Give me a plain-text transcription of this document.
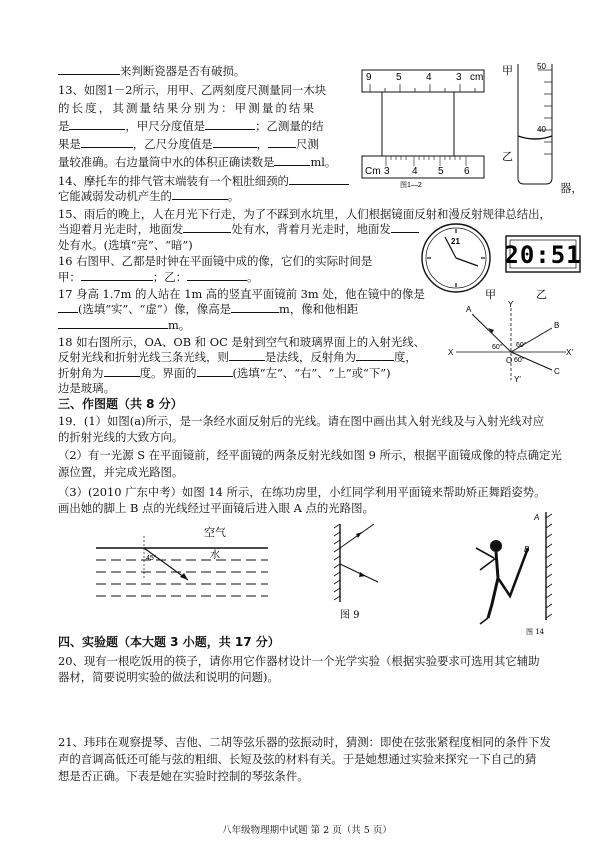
来判断瓷器是否有破损。
13、如图1－2所示，用甲、乙两刻度尺测量同一木块
的长度，其测量结果分别为：甲测量的结果
是	，甲尺分度值是	；乙测量的结
果是	，乙尺分度值是	， 尺测
量较准确。右边量筒中水的体积正确读数是	ml。
14、摩托车的排气管末端装有一个粗肚细颈的
它能减弱发动机产生的	。
15、雨后的晚上，人在月光下行走，为了不踩到水坑里，人们根据镜面反射和漫反射规律总结出，
当迎着月光走时，地面发	处有水，背着月光走时，地面发
处有水。(选填“亮”、“暗”)
16 右图甲、乙都是时钟在平面镜中成的像，它们的实际时间是
甲：	；乙：	。
17 身高 1.7m 的人站在 1m 高的竖直平面镜前 3m 处，他在镜中的像是
(选填“实”、“虚”）像，像高是	m，像和他相距
m。
18 如右图所示，OA、OB 和 OC 是射到空气和玻璃界面上的入射光线、
反射光线和折射光线三条光线，则	是法线，反射角为	度，
折射角为	度。界面的	(选填“左”、“右”、“上”或“下”)
边是玻璃。
三、作图题（共 8 分）
19．(1）如图(a)所示，是一条经水面反射后的光线。请在图中画出其入射光线及与入射光线对应
的折射光线的大致方向。
（2）有一光源 S 在平面镜前，经平面镜的两条反射光线如图 9 所示，根据平面镜成像的特点确定光
源位置，并完成光路图。
（3）(2010 广东中考）如图 14 所示，在练功房里，小红同学利用平面镜来帮助矫正舞蹈姿势。
画出她的脚上 B 点的光线经过平面镜后进入眼 A 点的光路图。
四、实验题（本大题 3 小题，共 17 分）
20、现有一根吃饭用的筷子，请你用它作器材设计一个光学实验（根据实验要求可选用其它辅助
器材，简要说明实验的做法和说明的问题)。
21、玮玮在观察提琴、吉他、二胡等弦乐器的弦振动时，猜测：即使在弦张紧程度相同的条件下发
声的音调高低还可能与弦的粗细、长短及弦的材料有关。于是她想通过实验来探究一下自己的猜
想是否正确。下表是她在实验时控制的琴弦条件。
9 5 4 3 cm
Cm 3 4 5 6
图1—2
甲
乙
50
40
器，
21 20:51
甲	乙
A
Y
B
X	X'
O
C
Y'
60° 60°
60°
空气
水
45°
图 9
A
B
图 14
八年级物理期中试题 第 2 页（共 5 页）
